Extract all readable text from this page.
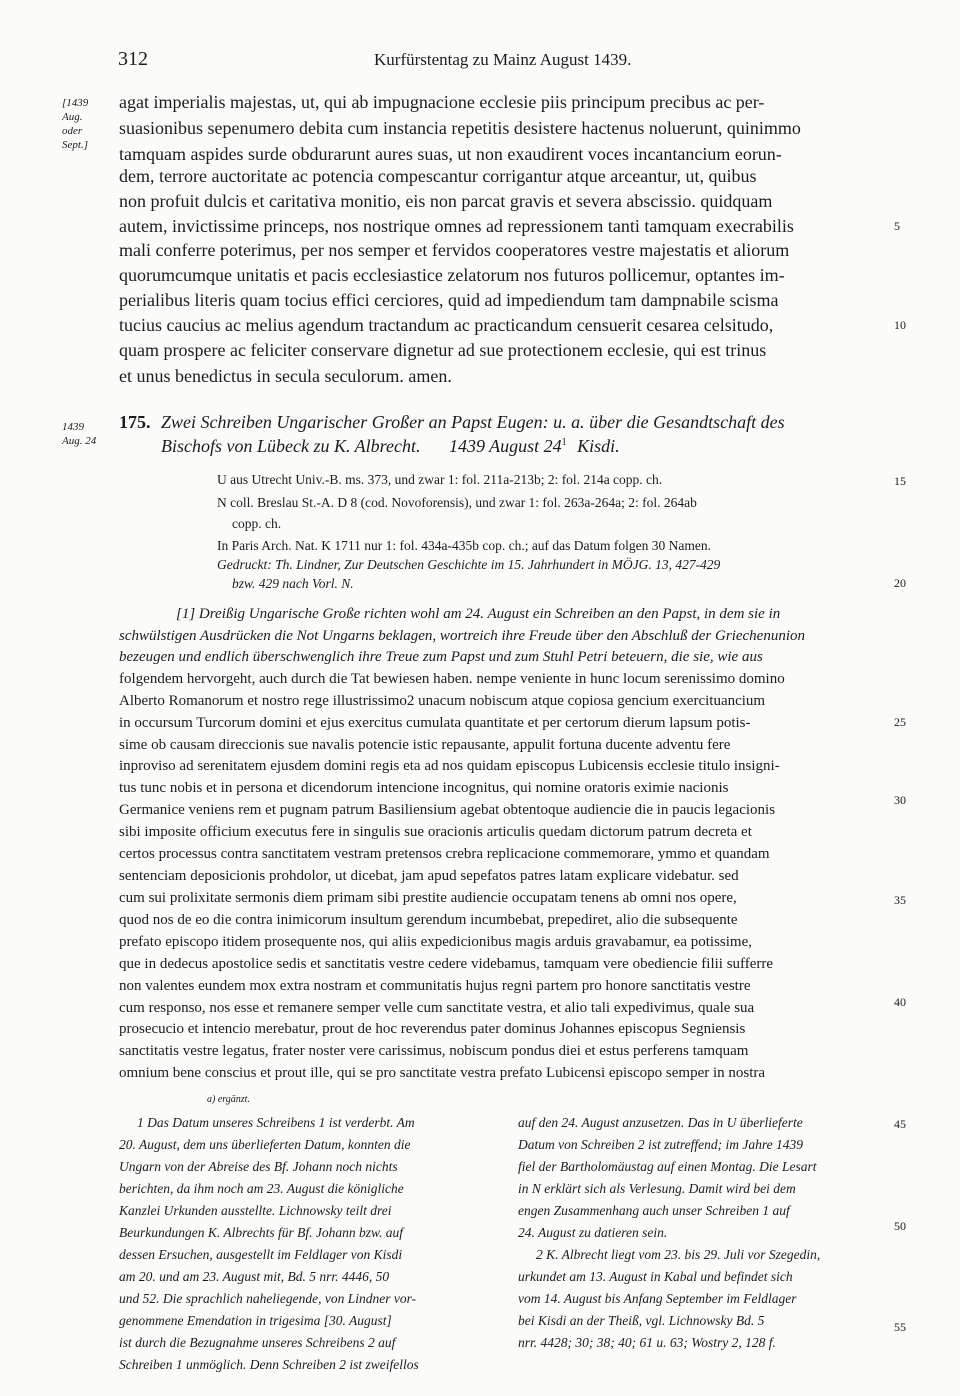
312	Kurfürstentag zu Mainz August 1439.
[1439
Aug.
oder
Sept.]
agat imperialis majestas, ut, qui ab impugnacione ecclesie piis principum precibus ac per-
suasionibus sepenumero debita cum instancia repetitis desistere hactenus noluerunt, quinimmo
tamquam aspides surde obdurarunt aures suas, ut non exaudirent voces incantancium eorun-
dem, terrore auctoritate ac potencia compescantur corrigantur atque arceantur, ut, quibus
non profuit dulcis et caritativa monitio, eis non parcat gravis et severa abscissio. quidquam
autem, invictissime princeps, nos nostrique omnes ad repressionem tanti tamquam execrabilis
mali conferre poterimus, per nos semper et fervidos cooperatores vestre majestatis et aliorum
quorumcumque unitatis et pacis ecclesiastice zelatorum nos futuros pollicemur, optantes im-
perialibus literis quam tocius effici cerciores, quid ad impediendum tam dampnabile scisma
tucius caucius ac melius agendum tractandum ac practicandum censuerit cesarea celsitudo,
quam prospere ac feliciter conservare dignetur ad sue protectionem ecclesie, qui est trinus
et unus benedictus in secula seculorum. amen.
5
10
15
20
25
30
35
40
45
50
55
1439
Aug. 24
175. Zwei Schreiben Ungarischer Großer an Papst Eugen: u. a. über die Gesandtschaft des
Bischofs von Lübeck zu K. Albrecht. 1439 August $24^1$ Kisdi.
U aus Utrecht Univ.-B. ms. 373, und zwar 1: fol. 211a-213b; 2: fol. 214a copp. ch.
N coll. Breslau St.-A. D 8 (cod. Novoforensis), und zwar 1: fol. 263a-264a; 2: fol. 264ab
copp. ch.
In Paris Arch. Nat. K 1711 nur 1: fol. 434a-435b cop. ch.; auf das Datum folgen 30 Namen.
Gedruckt: Th. Lindner, Zur Deutschen Geschichte im 15. Jahrhundert in MÖJG. 13, 427-429
bzw. 429 nach Vorl. N.
[1] Dreißig Ungarische Große richten wohl am 24. August ein Schreiben an den Papst, in dem sie in
schwülstigen Ausdrücken die Not Ungarns beklagen, wortreich ihre Freude über den Abschluß der Griechenunion
bezeugen und endlich überschwenglich ihre Treue zum Papst und zum Stuhl Petri beteuern, die sie, wie aus
folgendem hervorgeht, auch durch die Tat bewiesen haben. nempe veniente in hunc locum serenissimo domino
Alberto Romanorum et nostro rege illustrissimo2 unacum nobiscum atque copiosa gencium exercituancium
in occursum Turcorum domini et ejus exercitus cumulata quantitate et per certorum dierum lapsum potis-
sime ob causam direccionis sue navalis potencie istic repausante, appulit fortuna ducente adventu fere
inproviso ad serenitatem ejusdem domini regis eta ad nos quidam episcopus Lubicensis ecclesie titulo insigni-
tus tunc nobis et in persona et dicendorum intencione incognitus, qui nomine oratoris eximie nacionis
Germanice veniens rem et pugnam patrum Basiliensium agebat obtentoque audiencie die in paucis legacionis
sibi imposite officium executus fere in singulis sue oracionis articulis quedam dictorum patrum decreta et
certos processus contra sanctitatem vestram pretensos crebra replicacione commemorare, ymmo et quandam
sentenciam deposicionis prohdolor, ut dicebat, jam apud sepefatos patres latam explicare videbatur. sed
cum sui prolixitate sermonis diem primam sibi prestite audiencie occupatam tenens ab omni nos opere,
quod nos de eo die contra inimicorum insultum gerendum incumbebat, prepediret, alio die subsequente
prefato episcopo itidem prosequente nos, qui aliis expedicionibus magis arduis gravabamur, ea potissime,
que in dedecus apostolice sedis et sanctitatis vestre cedere videbamus, tamquam vere obediencie filii sufferre
non valentes eundem mox extra nostram et communitatis hujus regni partem pro honore sanctitatis vestre
cum responso, nos esse et remanere semper velle cum sanctitate vestra, et alio tali expedivimus, quale sua
prosecucio et intencio merebatur, prout de hoc reverendus pater dominus Johannes episcopus Segniensis
sanctitatis vestre legatus, frater noster vere carissimus, nobiscum pondus diei et estus perferens tamquam
omnium bene conscius et prout ille, qui se pro sanctitate vestra prefato Lubicensi episcopo semper in nostra
a) ergänzt.
1 Das Datum unseres Schreibens 1 ist verderbt. Am
20. August, dem uns überlieferten Datum, konnten die
Ungarn von der Abreise des Bf. Johann noch nichts
berichten, da ihm noch am 23. August die königliche
Kanzlei Urkunden ausstellte. Lichnowsky teilt drei
Beurkundungen K. Albrechts für Bf. Johann bzw. auf
dessen Ersuchen, ausgestellt im Feldlager von Kisdi
am 20. und am 23. August mit, Bd. 5 nrr. 4446, 50
und 52. Die sprachlich naheliegende, von Lindner vor-
genommene Emendation in trigesima [30. August]
ist durch die Bezugnahme unseres Schreibens 2 auf
Schreiben 1 unmöglich. Denn Schreiben 2 ist zweifellos
auf den 24. August anzusetzen. Das in U überlieferte
Datum von Schreiben 2 ist zutreffend; im Jahre 1439
fiel der Bartholomäustag auf einen Montag. Die Lesart
in N erklärt sich als Verlesung. Damit wird bei dem
engen Zusammenhang auch unser Schreiben 1 auf
24. August zu datieren sein.
2 K. Albrecht liegt vom 23. bis 29. Juli vor Szegedin,
urkundet am 13. August in Kabal und befindet sich
vom 14. August bis Anfang September im Feldlager
bei Kisdi an der Theiß, vgl. Lichnowsky Bd. 5
nrr. 4428; 30; 38; 40; 61 u. 63; Wostry 2, 128 f.
